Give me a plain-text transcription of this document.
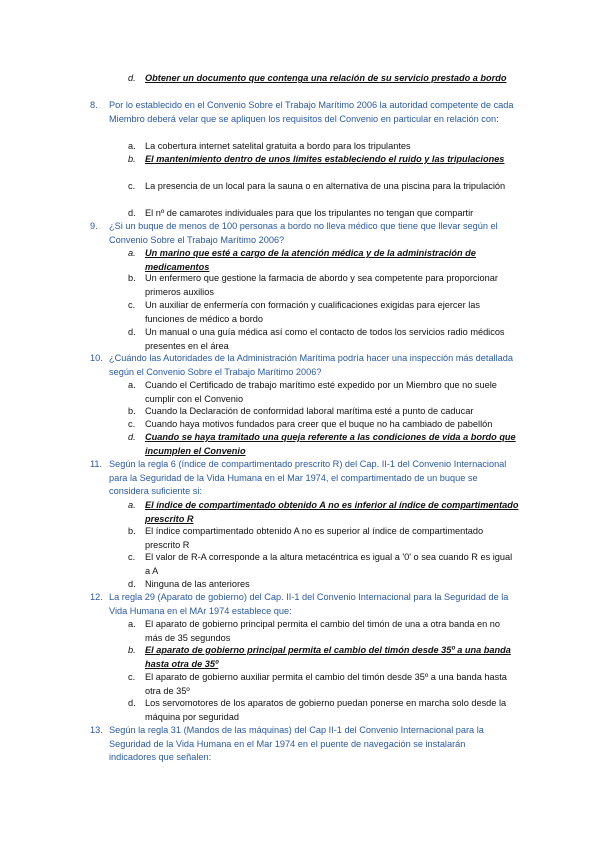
d.	Obtener un documento que contenga una relación de su servicio prestado a bordo
8.	Por lo establecido en el Convenio Sobre el Trabajo Marítimo 2006 la autoridad competente de cada Miembro deberá velar que se apliquen los requisitos del Convenio en particular en relación con:
a.	La cobertura internet satelital gratuita a bordo para los tripulantes
b.	El mantenimiento dentro de unos límites estableciendo el ruido y las tripulaciones
c.	La presencia de un local para la sauna o en alternativa de una piscina para la tripulación
d.	El nº de camarotes individuales para que los tripulantes no tengan que compartir
9.	¿Si un buque de menos de 100 personas a bordo no lleva médico que tiene que llevar según el Convenio Sobre el Trabajo Marítimo 2006?
a.	Un marino que esté a cargo de la atención médica y de la administración de medicamentos
b.	Un enfermero que gestione la farmacia de abordo y sea competente para proporcionar primeros auxilios
c.	Un auxiliar de enfermería con formación y cualificaciones exigidas para ejercer las funciones de médico a bordo
d.	Un manual o una guía médica así como el contacto de todos los servicios radio médicos presentes en el área
10. ¿Cuándo las Autoridades de la Administración Marítima podría hacer una inspección más detallada según el Convenio Sobre el Trabajo Marítimo 2006?
a.	Cuando el Certificado de trabajo marítimo esté expedido por un Miembro que no suele cumplir con el Convenio
b.	Cuando la Declaración de conformidad laboral marítima esté a punto de caducar
c.	Cuando haya motivos fundados para creer que el buque no ha cambiado de pabellón
d.	Cuando se haya tramitado una queja referente a las condiciones de vida a bordo que incumplen el Convenio
11. Según la regla 6 (índice de compartimentado prescrito R) del Cap. II-1 del Convenio Internacional para la Seguridad de la Vida Humana en el Mar 1974, el compartimentado de un buque se considera suficiente si:
a.	El índice de compartimentado obtenido A no es inferior al índice de compartimentado prescrito R
b.	El índice compartimentado obtenido A no es superior al índice de compartimentado prescrito R
c.	El valor de R-A corresponde a la altura metacéntrica es igual a '0' o sea cuando R es igual a A
d.	Ninguna de las anteriores
12. La regla 29 (Aparato de gobierno) del Cap. II-1 del Convenio Internacional para la Seguridad de la Vida Humana en el MAr 1974 establece que:
a.	El aparato de gobierno principal permita el cambio del timón de una a otra banda en no más de 35 segundos
b.	El aparato de gobierno principal permita el cambio del timón desde 35º a una banda hasta otra de 35º
c.	El aparato de gobierno auxiliar permita el cambio del timón desde 35º a una banda hasta otra de 35º
d.	Los servomotores de los aparatos de gobierno puedan ponerse en marcha solo desde la máquina por seguridad
13. Según la regla 31 (Mandos de las máquinas) del Cap II-1 del Convenio Internacional para la Seguridad de la Vida Humana en el Mar 1974 en el puente de navegación se instalarán indicadores que señalen:
